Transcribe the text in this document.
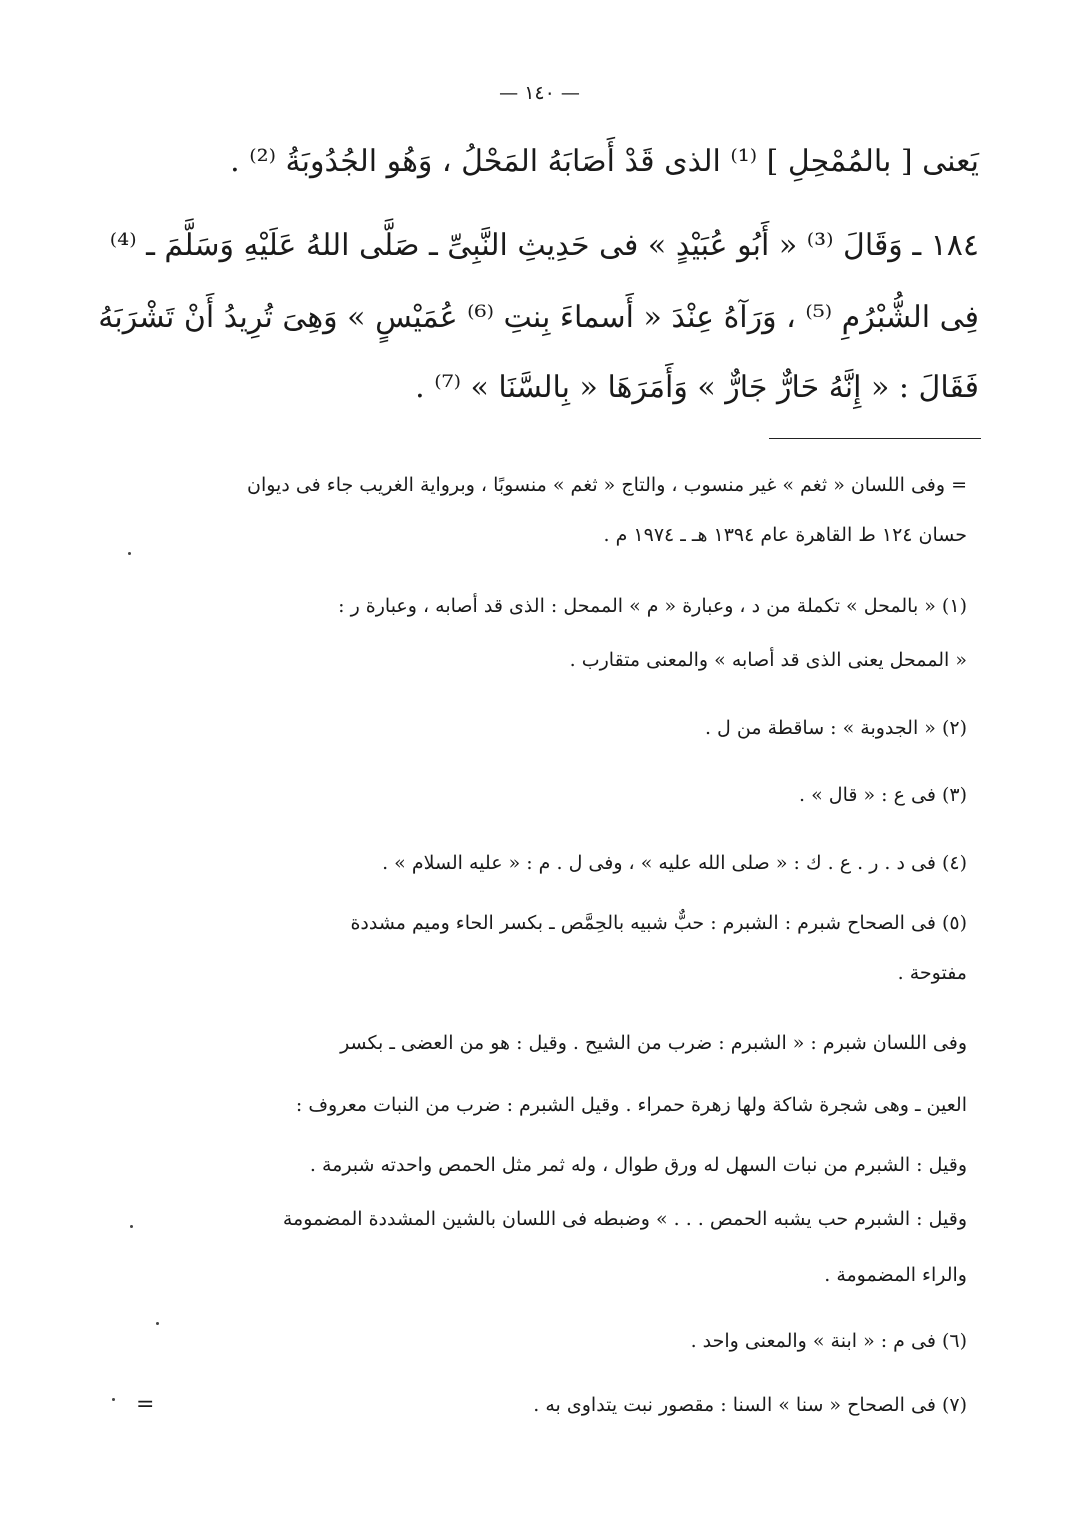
— ١٤٠ —
يَعنى [ بالمُمْحِلِ ] ⁽¹⁾ الذى قَدْ أَصَابَهُ المَحْلُ ، وَهُو الجُدُوبَةُ ⁽²⁾ .
١٨٤ ـ وَقَالَ ⁽³⁾ « أَبُو عُبَيْدٍ » فى حَدِيثِ النَّبِىِّ ـ صَلَّى اللهُ عَلَيْهِ وَسَلَّمَ ـ ⁽⁴⁾
فِى الشُّبْرُمِ ⁽⁵⁾ ، وَرَآهُ عِنْدَ « أَسماءَ بِنتِ ⁽⁶⁾ عُمَيْسٍ » وَهِىَ تُرِيدُ أَنْ تَشْرَبَهُ
فَقَالَ : « إِنَّهُ حَارٌّ جَارٌّ » وَأَمَرَهَا « بِالسَّنَا » ⁽⁷⁾ .
= وفى اللسان « ثغم » غير منسوب ، والتاج « ثغم » منسوبًا ، وبرواية الغريب جاء فى ديوان
حسان ١٢٤ ط القاهرة عام ١٣٩٤ هـ ـ ١٩٧٤ م .
(١) « بالمحل » تكملة من د ، وعبارة « م » الممحل : الذى قد أصابه ، وعبارة ر :
« الممحل يعنى الذى قد أصابه » والمعنى متقارب .
(٢) « الجدوبة » : ساقطة من ل .
(٣) فى ع : « قال » .
(٤) فى د . ر . ع . ك : « صلى الله عليه » ، وفى ل . م : « عليه السلام » .
(٥) فى الصحاح شبرم : الشبرم : حبٌّ شبيه بالحِمَّص ـ بكسر الحاء وميم مشددة
مفتوحة .
وفى اللسان شبرم : « الشبرم : ضرب من الشيح . وقيل : هو من العضى ـ بكسر
العين ـ وهى شجرة شاكة ولها زهرة حمراء . وقيل الشبرم : ضرب من النبات معروف :
وقيل : الشبرم من نبات السهل له ورق طوال ، وله ثمر مثل الحمص واحدته شبرمة .
وقيل : الشبرم حب يشبه الحمص . . . » وضبطه فى اللسان بالشين المشددة المضمومة
والراء المضمومة .
(٦) فى م : « ابنة » والمعنى واحد .
(٧) فى الصحاح « سنا » السنا : مقصور نبت يتداوى به .
=
